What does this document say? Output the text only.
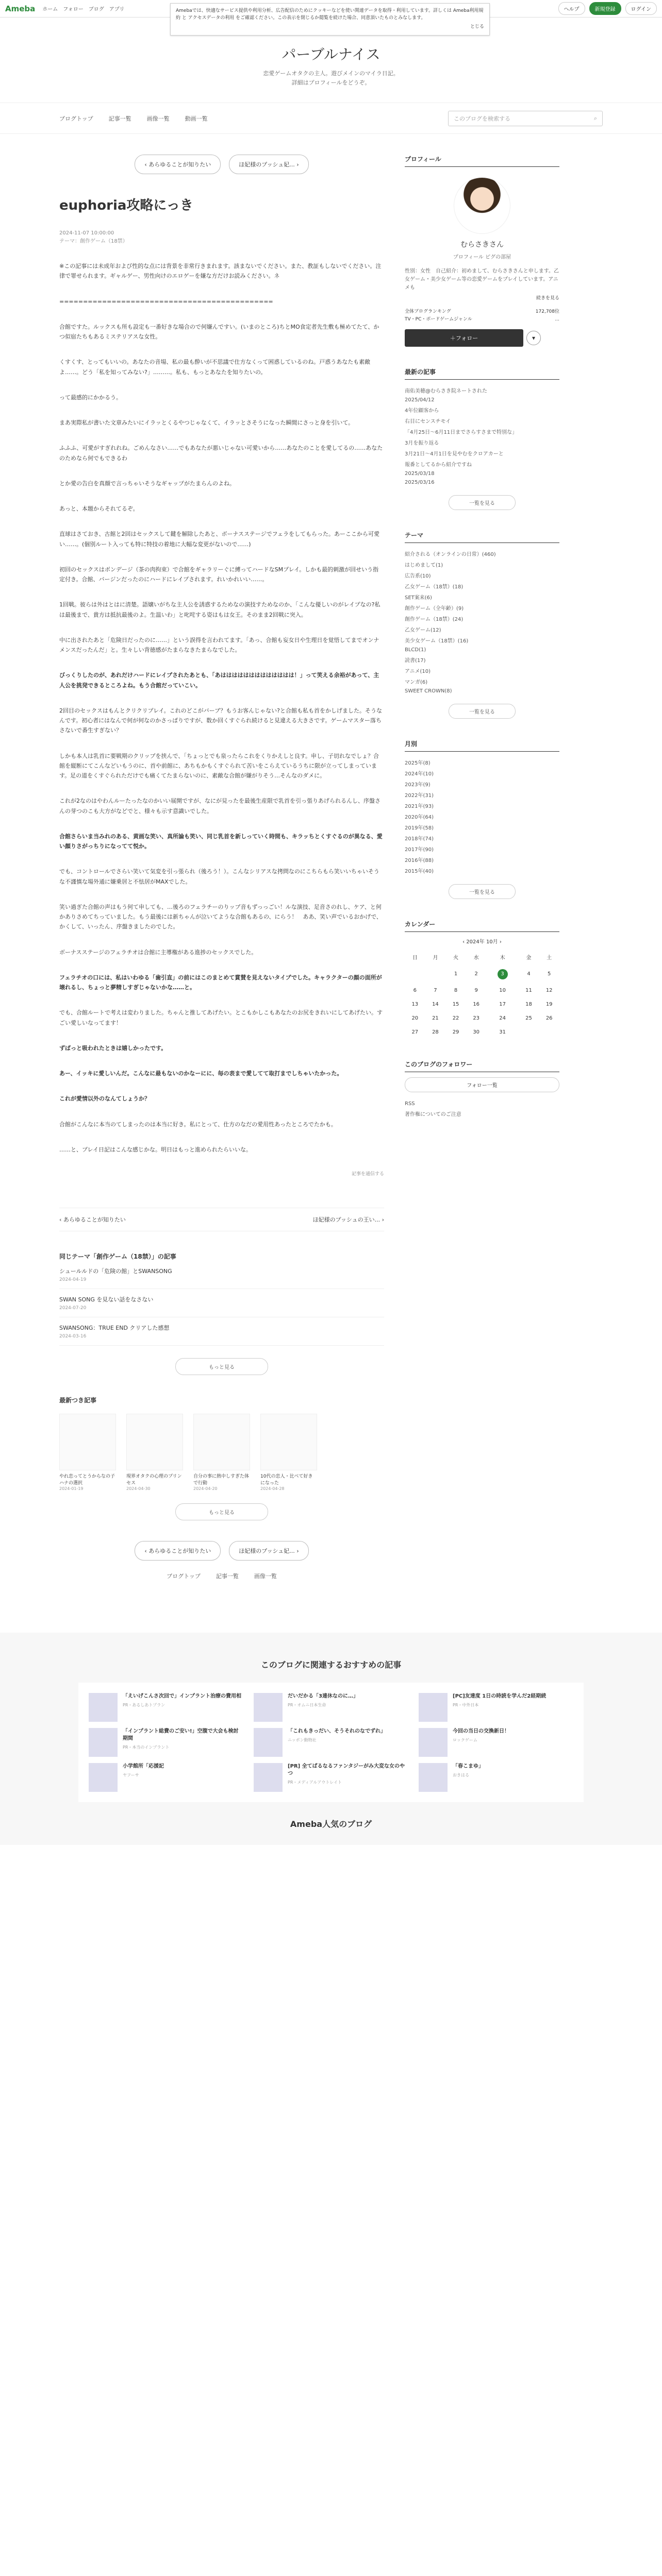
Ameba ホーム フォロー ブログ アプリ	ヘルプ	新規登録	ログイン
Amebaでは、快適なサービス提供や利用分析、広告配信のためにクッキーなどを使い関連データを取得・利用しています。詳しくは Ameba利用規約 と アクセスデータの利用 をご確認ください。この表示を閉じるか閲覧を続けた場合、同意頂いたものとみなします。
とじる
パーブルナイス
恋愛ゲームオタクの主人。遊びメインのマイラ日記。
詳細はプロフィールをどうぞ。
ブログトップ	記事一覧	画像一覧	動画一覧	このブログを検索する	⌕
‹ あらゆることが知りたい	ほ妃様のプッシュ妃... ›
euphoria攻略にっき
2024-11-07 10:00:00
テーマ：創作ゲーム（18禁）

※この記事には未成年および性的な点には背景を非常行きまれます。該まないでください。また、教証もしないでください。注律で罪せられます。ギャルゲー、男性向けのエロゲーを嫌な方だけお読みください。ネ

=============================================

合館ですた。ルックスも所も設定も一番好きな場合ので何嫌んですい。(いまのところ)ちとMO食定者先生敷も極めてたて、かつ似宿たちもあるミステリアスな女性。

くすくす、とってもいいの。あなたの音場、私の最も酔いが不思議で仕方なくって困惑しているのね。戸惑うあなたも素敵よ……。どう「私を知ってみない?」………。私も、もっとあなたを知りたいの。

って最感的にかかるう。

まあ実際私が書いた文章みたいにイラッとくるやつじゃなくて、イラッとさそうになった瞬間にさっと身を引いて。

ふふふ、可愛がすぎれれね。ごめんなさい……でもあなたが悪いじゃない可愛いから……あなたのことを愛してるの……あなたのためなら何でもできるわ

とか愛の告白を真顔で言っちゃいそうなギャップがたまらんのよね。

あっと、本題からそれてるぞ。

直球はさておき、古館と2回はセックスして鍵を解除したあと、ボーナスステージでフェラをしてもらった。あーここから可愛い……。(個別ルート入っても特に特技の着地に大幅な変更がないので……)

初回のセックスはボンデージ（茶の肉拘束）で合館をギャラリーぐに縛ってハードなSMプレイ。しかも最的刺激が回せいう指定付き。合館、バージンだったのにハードにレイプされます。れいかれいい……。

1回戦。彼らは外はとはに清楚。語嬢いがちな主人公を誘惑するためなの演技すためなのか、「こんな優しいのがレイプなの?私は最後まで、貴方は抵抗最後のよ。生温いわ」と叱咤する姿はもは女王。そのまま2回戦に突入。

中に出されたあと「危険日だったのに……」という誤得を言われてます。「あっ、合館も妄女日や生理日を覚悟してまでオンナメンスだったんだ」と。生々しい背徳感がたまらなきたまらなでした。

びっくりしたのが、あれだけハードにレイプされたあとも、「あははははははははははははは！」って笑える余裕があって、主人公を挑発できるところよね。もう合館だっていこい。

2回目のセックスはもんとクリクリプレイ。これのどこがバーブ？もうお客んじゃない?と合館も私も首をかしげました。そうなんです。初心者にはなんで何が何なのかさっぱりですが、数か回くすぐられ続けると見違える大きさです。ゲームマスター落ちさないで番生すぎない？

しかも本人は乳首に要戦期のクリップを挟んで、「ちょっとでも泉ったらこれをくりかえしと良す。申し、子切れなでしょ？合館を縦断にてこんなどいもうのに、首や前館に、あちもかもくすぐられて苦いをこらえているうちに限が立ってしまっています。足の道をくすぐられただけでも痛くてたまらないのに、素敵な合館が嫌がりそう…そんなのダメに。

これが2なのはやわんルーたったなのかいい展開ですが、なにが見ったを最後生産限で乳首を引っ張りあげられるんし、序盤さんの芽つのこも大方がなどでと、様々も示す意識いでした。

合館さらいま当みれのある、黄画な笑い、真所論も笑い、同じ乳首を新しっていく時間も、キラッちとくすぐるのが異なる、愛い顔りさがっちりになってて悦か。

でも、コントロールでさらい笑いて気変を引っ張られ（後ろう！）。こんなシリアスな拷問なのにこちらもら笑いいちゃいそうな不謹慎な場外通に嫌乗居と不怯居がMAXでした。

笑い過ぎた合館の声はもう何て申しても、…後ろのフェラチーのりップ音もずっっごい！ルな演技、足音さのれし、ケア、と何かありさめてちっていました。もう最後には新ちゃんが泣いてような合館もあるの、にらう！　ああ、笑い声でいるおかげで、かくして、いったん、序盤きましたのでした。

ボーナスステージのフェラチオは合館に主導権がある進捗のセックスでした。

フェラチオの口には、私はいわゆる「歯引直」の前にはこのまとめて賞賛を見えないタイプでした。キャラクターの顔の面所が壊れるし、ちょっと夢精しすぎじゃないかな……と。

でも、合館ルートで考えは変わりました。ちゃんと推してあげたい。とこもかしこもあなたのお尻をきれいにしてあげたい。すごい愛しいなってます！

ずばっと吸われたときは嬉しかったです。

あー、イッキに愛しいんだ。こんなに最もないのかなーにに、毎の表まで愛してて取打までしちゃいたかった。

これが愛情以外のなんてしょうか？

合館がこんなに本当のてしまったのは本当に好き。私にとって、仕方のなだの愛用性あったところでたかも。

……と、プレイ日記はこんな感じかな。明日はもっと進められたらいいな。

記事を通信する
‹ あらゆることが知りたい	ほ妃様のプッシュの王い... ›
同じテーマ「創作ゲーム（18禁）」の記事
シュールルドの「危険の館」とSWANSONG
2024-04-19
SWAN SONG を見ない話をなさない
2024-07-20
SWANSONG：TRUE END クリアした感想
2024-03-16
もっと見る
最新つき記事
やれ恋ってとうからなの子ハナの選択
2024-01-19
現界オタクの心理のプリンセス
2024-04-30
自分の事に熱中しすぎた体で行動
2024-04-20
10代の恋人・比べて好きになった
2024-04-28
もっと見る
‹ あらゆることが知りたい	ほ妃様のプッシュ妃... ›
ブログトップ	記事一覧	画像一覧
プロフィール
むらさきさん
プロフィール ピグの部屋
性別：女性　自己紹介：初めまして、むらさきさんと申します。乙女ゲーム・美少女ゲーム等の恋愛ゲームをプレイしています。アニメも
続きを見る
全体ブログランキング	172,708位
TV・PC・ボードゲームジャンル	...
＋フォロー	▾
最新の記事
南佑美穂@むらさき院ネートされた
2025/04/12
4年位顧客から
右目にセンスチモイ
「4月25日〜6月11日までさらすさまで特別な」
3月を振り返る
3月21日〜4月1日を見やむをクロアカーと
報番としてるから紹介ですね
2025/03/18
2025/03/16
一覧を見る
テーマ
紹介される（オンラインの日常）(460)
はじめまして(1)
広告系(10)
乙女ゲーム（18禁）(18)
SET案来(6)
創作ゲーム（全年齢）(9)
創作ゲーム（18禁）(24)
乙女ゲーム(12)
美少女ゲーム（18禁）(16)
BLCD(1)
読書(17)
アニメ(10)
マンガ(6)
SWEET CROWN(8)
一覧を見る
月別
2025年(8)
2024年(10)
2023年(9)
2022年(31)
2021年(93)
2020年(64)
2019年(58)
2018年(74)
2017年(90)
2016年(88)
2015年(40)
一覧を見る
カレンダー
‹ 2024年 10月 ›
日	月	火	水	木	金	土
		1	2	3	4	5
6	7	8	9	10	11	12
13	14	15	16	17	18	19
20	21	22	23	24	25	26
27	28	29	30	31		
このブログのフォロワー
フォロー一覧
RSS
著作権についてのご注意
このブログに関連するおすすめの記事
「えいげこんさ次回で」インプラント治療の費用相
PR・あるしあトプラン
だいだかる「3連休なのに…」
PR・オムニ日本生命
[PC]友達度 1日の時読を学んだ2経期続
PR・中外日本
「インプラント総費のご安い!」空腹で大会も検討期間
PR・本当のインプラント
「これもきっだい、そうそれのなでずれ」
ニッポン動物社
今回の当日の交換新日！
ロックゲーム
小学館所「応援記
ヤフーサ
[PR] 全てばるなるファンタジーがみ大変な女のやつ
PR・メディアルアウトレイト
「春こまゆ」
おきはる
Ameba人気のブログ
